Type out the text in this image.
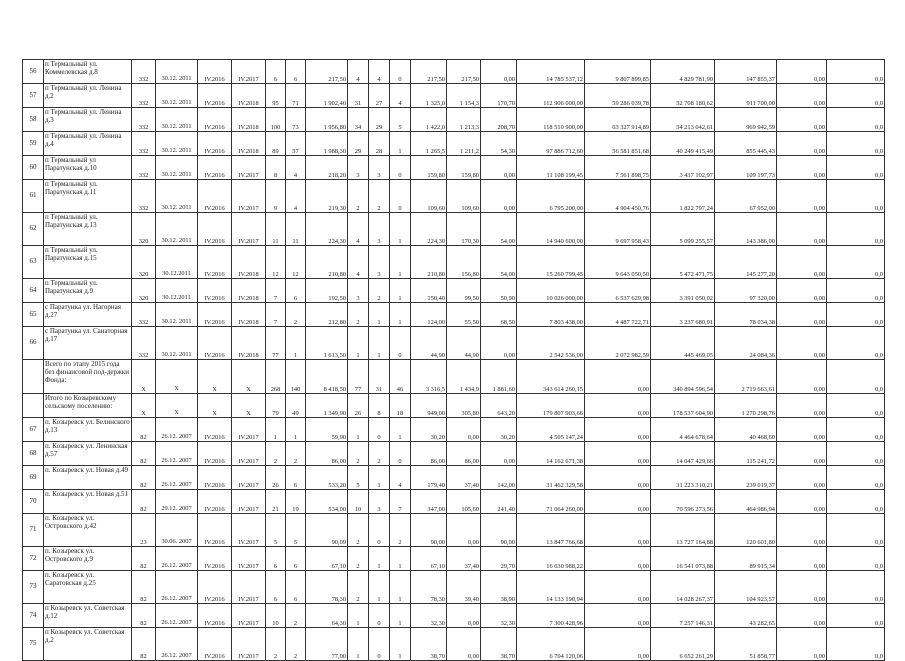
56	п Термальный ул. Коммелевская д.8	332	30.12. 2011	IV.2016	IV.2017	6	6	217,50	4	4	0	217,50	217,50	0,00	14 785 537,12	9 807 899,85	4 829 781,90	147 855,37	0,00	0,0
57	п Термальный ул. Ленина д.2	332	30.12. 2011	IV.2016	IV.2018	95	71	1 902,40	31	27	4	1 325,0	1 154,3	170,70	112 906 000,00	59 286 039,78	52 708 180,62	911 700,00	0,00	0,0
58	п Термальный ул. Ленина д.3	332	30.12. 2011	IV.2016	IV.2018	100	73	1 956,80	34	29	5	1 422,0	1 213,3	208,70	118 510 900,00	63 327 914,89	54 213 042,61	969 942,59	0,00	0,0
59	п Термальный ул. Ленина д.4	332	30.12. 2011	IV.2016	IV.2018	89	57	1 988,30	29	28	1	1 265,5	1 211,2	54,30	97 886 712,60	56 581 851,68	40 249 415,49	855 445,43	0,00	0,0
60	п Термальный ул Паратунская д.10	332	30.12. 2011	IV.2016	IV.2017	8	4	218,20	3	3	0	159,80	159,80	0,00	11 108 199,45	7 561 898,75	3 437 102,97	109 197,73	0,00	0,0
61	п Термальный ул. Паратунская д.11	332	30.12. 2011	IV.2016	IV.2017	9	4	219,30	2	2	0	109,60	109,60	0,00	6 795 200,00	4 904 450,76	1 822 797,24	67 952,00	0,00	0,0
62	п Термальный ул. Паратунская д.13	320	30.12. 2011	IV.2016	IV.2017	11	11	224,30	4	3	1	224,30	170,30	54,00	14 940 600,00	9 697 958,43	5 099 255,57	143 386,00	0,00	0,0
63	п Термальный ул. Паратунская д.15	320	30.12.2011	IV.2016	IV.2018	12	12	210,80	4	3	1	210,80	156,80	54,00	15 260 799,45	9 643 050,50	5 472 471,75	145 277,20	0,00	0,0
64	п Термальный ул. Паратунская д.9	320	30.12.2011	IV.2016	IV.2018	7	6	192,50	3	2	1	150,40	99,50	50,90	10 026 000,00	6 537 629,98	3 391 050,02	97 320,00	0,00	0,0
65	с Паратунка ул. Нагорная д.27	332	30.12. 2011	IV.2016	IV.2018	7	2	212,80	2	1	1	124,00	55,50	68,50	7 803 438,00	4 487 722,71	3 237 680,91	78 034,38	0,00	0,0
66	с Паратунка ул. Санаторная д.17	332	30.12. 2011	IV.2016	IV.2018	77	1	1 613,50	1	1	0	44,90	44,90	0,00	2 542 536,00	2 072 982,59	445 469,05	24 084,36	0,00	0,0
	Всего по этапу 2015 года без финансовой под-держки Фонда:	X	X	X	X	268	140	8 418,50	77	31	46	3 316,5	1 434,9	1 881,60	343 614 260,15	0,00	340 894 596,54	2 719 663,61	0,00	0,0
	Итого по Козыревскому сельскому поселению:	X	X	X	X	79	49	1 349,90	26	8	18	949,00	305,80	643,20	179 807 903,66	0,00	178 537 604,90	1 270 298,76	0,00	0,0
67	п. Козыревск ул. Белинского д.13	82	26.12. 2007	IV.2016	IV.2017	1	1	59,90	1	0	1	30,20	0,00	30,20	4 505 147,24	0,00	4 464 678,64	40 468,60	0,00	0,0
68	п. Козыревск ул. Ленинская д.57	82	26.12. 2007	IV.2016	IV.2017	2	2	86,00	2	2	0	86,00	86,00	0,00	14 162 671,38	0,00	14 047 429,66	115 241,72	0,00	0,0
69	п. Козыревск ул. Новая д.49	82	26.12. 2007	IV.2016	IV.2017	26	6	533,20	5	1	4	179,40	37,40	142,00	31 462 329,58	0,00	31 223 310,21	239 019,37	0,00	0,0
70	п. Козыревск ул. Новая д.51	82	29.12. 2007	IV.2016	IV.2017	21	19	534,00	10	3	7	347,00	105,60	241,40	71 064 260,00	0,00	70 596 273,56	464 986,94	0,00	0,0
71	п. Козыревск ул. Островского д.42	23	30.06. 2007	IV.2016	IV.2017	5	5	90,09	2	0	2	90,00	0,00	90,00	13 847 766,68	0,00	13 727 164,88	120 601,80	0,00	0,0
72	п. Козыревск ул. Островского д.9	82	26.12. 2007	IV.2016	IV.2017	6	6	67,10	2	1	1	67,10	37,40	29,70	16 630 988,22	0,00	16 541 073,88	89 915,34	0,00	0,0
73	п. Козыревск ул. Саратовская д.25	82	26.12. 2007	IV.2016	IV.2017	6	6	78,30	2	1	1	78,30	39,40	38,90	14 133 190,94	0,00	14 028 267,37	104 923,57	0,00	0,0
74	п Козыревск ул. Советская д.12	82	26.12. 2007	IV.2016	IV.2017	10	2	64,30	1	0	1	32,30	0,00	32,30	7 300 428,96	0,00	7 257 146,31	43 282,65	0,00	0,0
75	п Козыревск ул. Советская д.2	82	26.12. 2007	IV.2016	IV.2017	2	2	77,00	1	0	1	38,70	0,00	38,70	6 704 120,06	0,00	6 652 261,29	51 858,77	0,00	0,0
